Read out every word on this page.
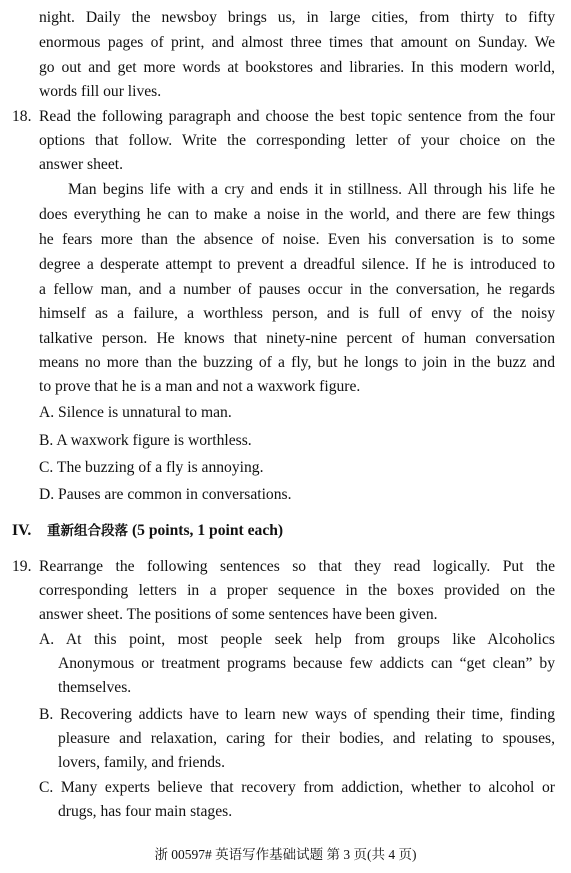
night. Daily the newsboy brings us, in large cities, from thirty to fifty
enormous pages of print, and almost three times that amount on Sunday. We
go out and get more words at bookstores and libraries. In this modern world,
words fill our lives.
18. Read the following paragraph and choose the best topic sentence from the four
options that follow. Write the corresponding letter of your choice on the
answer sheet.
Man begins life with a cry and ends it in stillness. All through his life he
does everything he can to make a noise in the world, and there are few things
he fears more than the absence of noise. Even his conversation is to some
degree a desperate attempt to prevent a dreadful silence. If he is introduced to
a fellow man, and a number of pauses occur in the conversation, he regards
himself as a failure, a worthless person, and is full of envy of the noisy
talkative person. He knows that ninety-nine percent of human conversation
means no more than the buzzing of a fly, but he longs to join in the buzz and
to prove that he is a man and not a waxwork figure.
A. Silence is unnatural to man.
B. A waxwork figure is worthless.
C. The buzzing of a fly is annoying.
D. Pauses are common in conversations.
IV. 重新组合段落 (5 points, 1 point each)
19. Rearrange the following sentences so that they read logically. Put the
corresponding letters in a proper sequence in the boxes provided on the
answer sheet. The positions of some sentences have been given.
A. At this point, most people seek help from groups like Alcoholics
Anonymous or treatment programs because few addicts can “get clean” by
themselves.
B. Recovering addicts have to learn new ways of spending their time, finding
pleasure and relaxation, caring for their bodies, and relating to spouses,
lovers, family, and friends.
C. Many experts believe that recovery from addiction, whether to alcohol or
drugs, has four main stages.
浙 00597# 英语写作基础试题 第 3 页(共 4 页)
